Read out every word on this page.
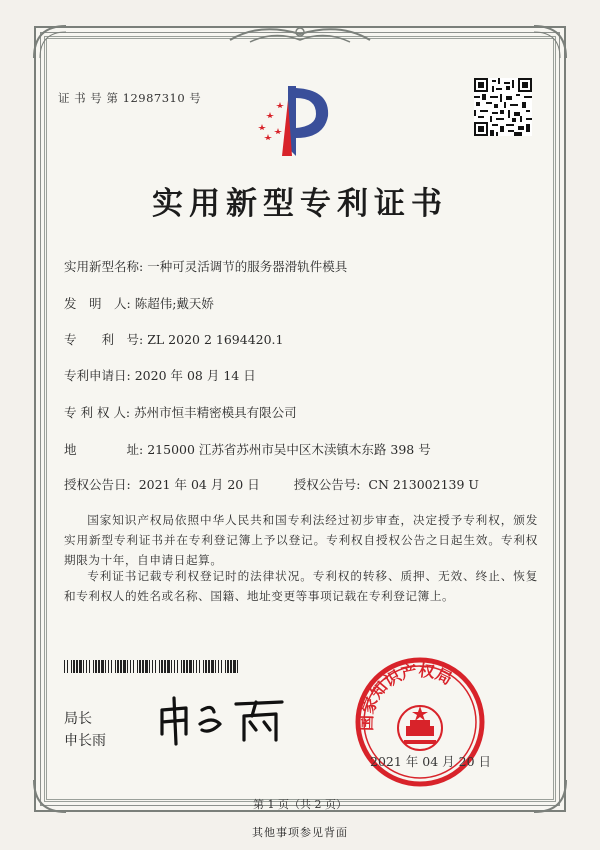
证 书 号 第 12987310 号
实用新型专利证书
实用新型名称: 一种可灵活调节的服务器滑轨件模具
发　明　人: 陈超伟;戴天娇
专　　利　号: ZL 2020 2 1694420.1
专利申请日: 2020 年 08 月 14 日
专 利 权 人: 苏州市恒丰精密模具有限公司
地　　　　址: 215000 江苏省苏州市吴中区木渎镇木东路 398 号
授权公告日: 2021 年 04 月 20 日	授权公告号: CN 213002139 U
国家知识产权局依照中华人民共和国专利法经过初步审查，决定授予专利权，颁发实用新型专利证书并在专利登记簿上予以登记。专利权自授权公告之日起生效。专利权期限为十年，自申请日起算。
专利证书记载专利权登记时的法律状况。专利权的转移、质押、无效、终止、恢复和专利权人的姓名或名称、国籍、地址变更等事项记载在专利登记簿上。
局长
申长雨
国家知识产权局
2021 年 04 月 20 日
第 1 页（共 2 页）
其他事项参见背面
